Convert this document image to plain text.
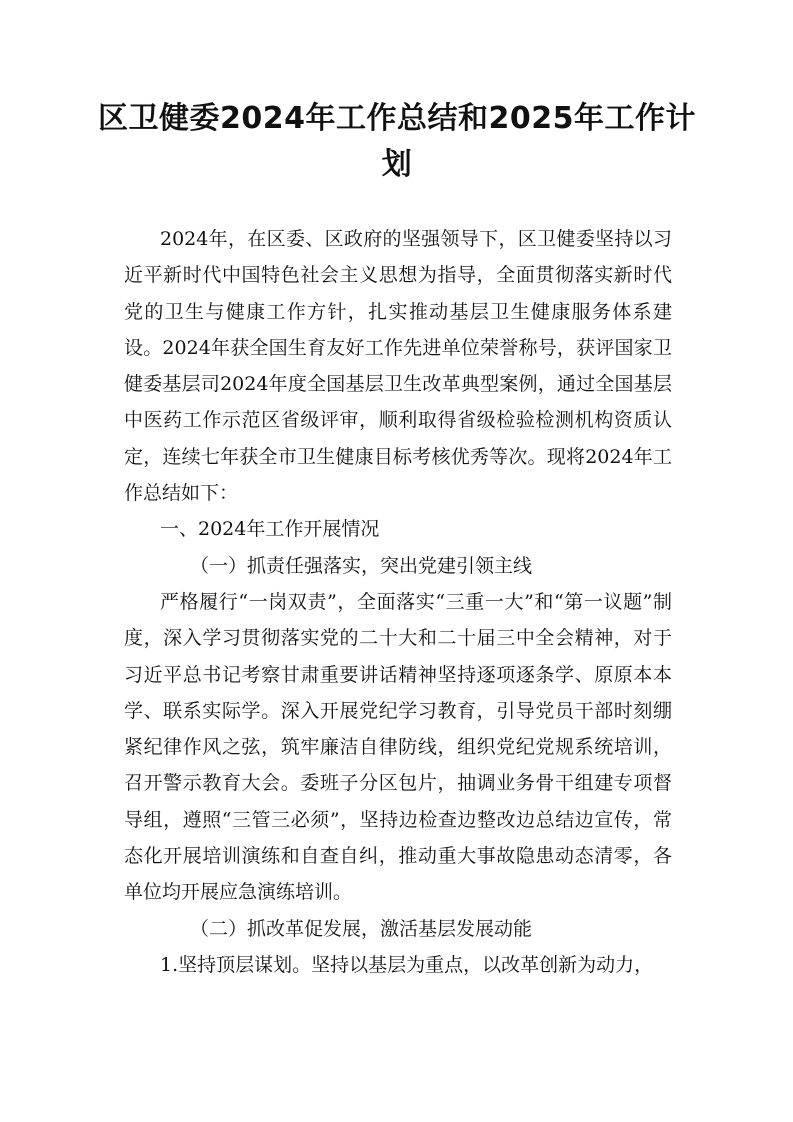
区卫健委2024年工作总结和2025年工作计划

2024年，在区委、区政府的坚强领导下，区卫健委坚持以习近平新时代中国特色社会主义思想为指导，全面贯彻落实新时代党的卫生与健康工作方针，扎实推动基层卫生健康服务体系建设。2024年获全国生育友好工作先进单位荣誉称号，获评国家卫健委基层司2024年度全国基层卫生改革典型案例，通过全国基层中医药工作示范区省级评审，顺利取得省级检验检测机构资质认定，连续七年获全市卫生健康目标考核优秀等次。现将2024年工作总结如下：

一、2024年工作开展情况

（一）抓责任强落实，突出党建引领主线

严格履行“一岗双责”，全面落实“三重一大”和“第一议题”制度，深入学习贯彻落实党的二十大和二十届三中全会精神，对于习近平总书记考察甘肃重要讲话精神坚持逐项逐条学、原原本本学、联系实际学。深入开展党纪学习教育，引导党员干部时刻绷紧纪律作风之弦，筑牢廉洁自律防线，组织党纪党规系统培训，召开警示教育大会。委班子分区包片，抽调业务骨干组建专项督导组，遵照“三管三必须”，坚持边检查边整改边总结边宣传，常态化开展培训演练和自查自纠，推动重大事故隐患动态清零，各单位均开展应急演练培训。

（二）抓改革促发展，激活基层发展动能

1.坚持顶层谋划。坚持以基层为重点，以改革创新为动力，
